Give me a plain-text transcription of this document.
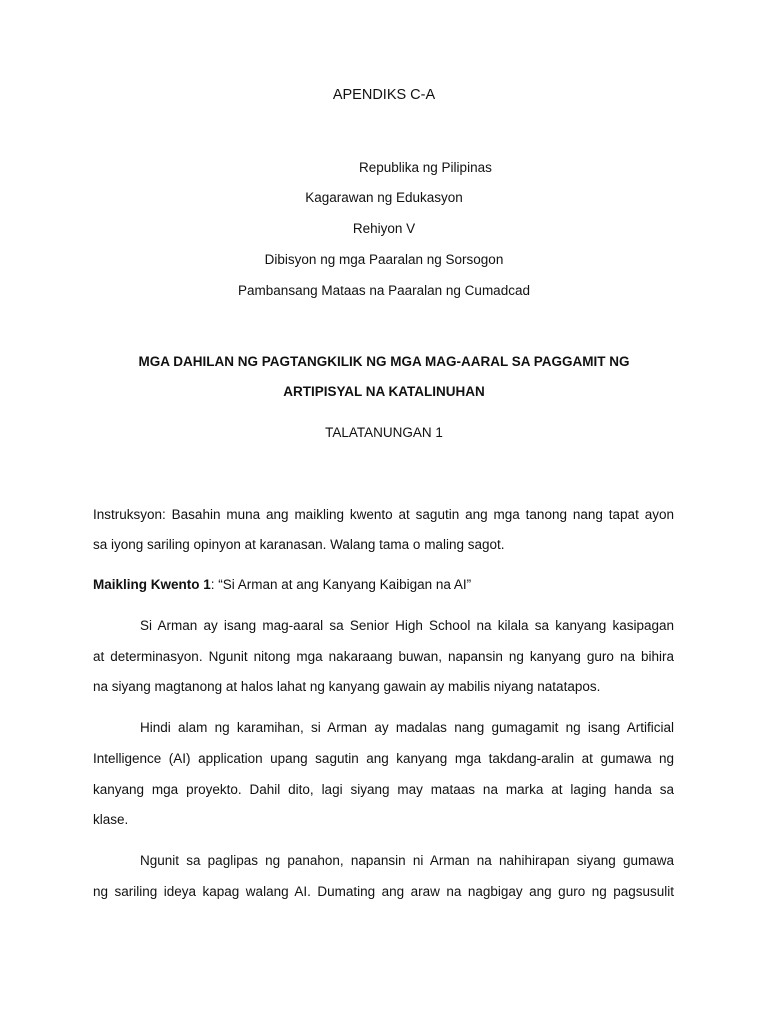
APENDIKS C-A
Republika ng Pilipinas
Kagarawan ng Edukasyon
Rehiyon V
Dibisyon ng mga Paaralan ng Sorsogon
Pambansang Mataas na Paaralan ng Cumadcad
MGA DAHILAN NG PAGTANGKILIK NG MGA MAG-AARAL SA PAGGAMIT NG
ARTIPISYAL NA KATALINUHAN
TALATANUNGAN 1
Instruksyon: Basahin muna ang maikling kwento at sagutin ang mga tanong nang tapat ayon
sa iyong sariling opinyon at karanasan. Walang tama o maling sagot.
Maikling Kwento 1: “Si Arman at ang Kanyang Kaibigan na AI”
Si Arman ay isang mag-aaral sa Senior High School na kilala sa kanyang kasipagan
at determinasyon. Ngunit nitong mga nakaraang buwan, napansin ng kanyang guro na bihira
na siyang magtanong at halos lahat ng kanyang gawain ay mabilis niyang natatapos.
Hindi alam ng karamihan, si Arman ay madalas nang gumagamit ng isang Artificial
Intelligence (AI) application upang sagutin ang kanyang mga takdang-aralin at gumawa ng
kanyang mga proyekto. Dahil dito, lagi siyang may mataas na marka at laging handa sa
klase.
Ngunit sa paglipas ng panahon, napansin ni Arman na nahihirapan siyang gumawa
ng sariling ideya kapag walang AI. Dumating ang araw na nagbigay ang guro ng pagsusulit
